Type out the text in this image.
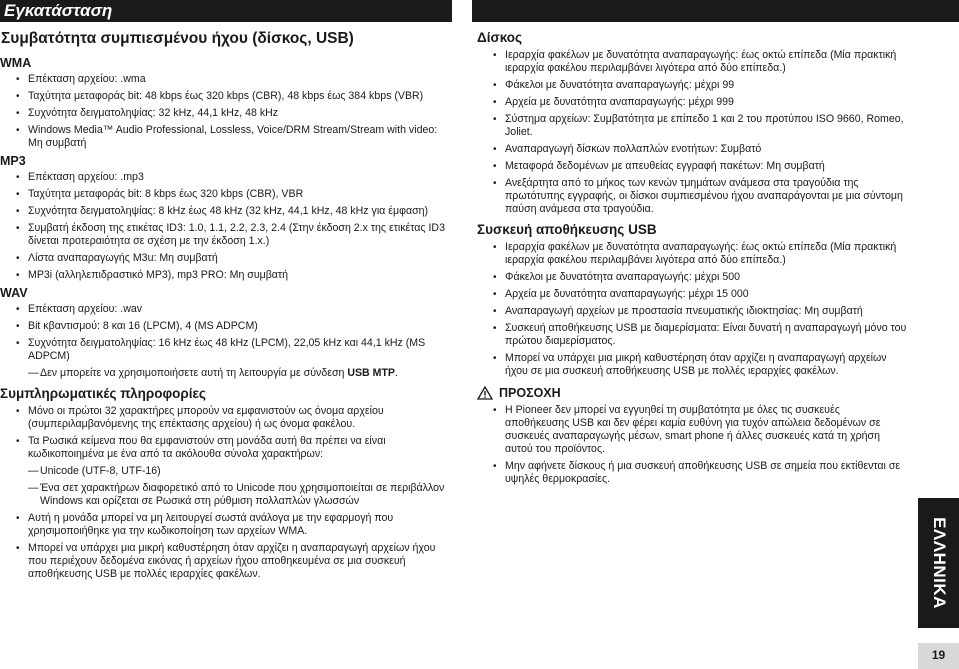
Εγκατάσταση
Συμβατότητα συμπιεσμένου ήχου (δίσκος, USB)
WMA
• Επέκταση αρχείου: .wma
• Ταχύτητα μεταφοράς bit: 48 kbps έως 320 kbps (CBR), 48 kbps έως 384 kbps (VBR)
• Συχνότητα δειγματοληψίας: 32 kHz, 44,1 kHz, 48 kHz
• Windows Media™ Audio Professional, Lossless, Voice/DRM Stream/Stream with video: Μη συμβατή
MP3
• Επέκταση αρχείου: .mp3
• Ταχύτητα μεταφοράς bit: 8 kbps έως 320 kbps (CBR), VBR
• Συχνότητα δειγματοληψίας: 8 kHz έως 48 kHz (32 kHz, 44,1 kHz, 48 kHz για έμφαση)
• Συμβατή έκδοση της ετικέτας ID3: 1.0, 1.1, 2.2, 2.3, 2.4 (Στην έκδοση 2.x της ετικέτας ID3 δίνεται προτεραιότητα σε σχέση με την έκδοση 1.x.)
• Λίστα αναπαραγωγής M3u: Μη συμβατή
• MP3i (αλληλεπιδραστικό MP3), mp3 PRO: Μη συμβατή
WAV
• Επέκταση αρχείου: .wav
• Bit κβαντισμού: 8 και 16 (LPCM), 4 (MS ADPCM)
• Συχνότητα δειγματοληψίας: 16 kHz έως 48 kHz (LPCM), 22,05 kHz και 44,1 kHz (MS ADPCM)
— Δεν μπορείτε να χρησιμοποιήσετε αυτή τη λειτουργία με σύνδεση USB MTP.
Συμπληρωματικές πληροφορίες
• Μόνο οι πρώτοι 32 χαρακτήρες μπορούν να εμφανιστούν ως όνομα αρχείου (συμπεριλαμβανόμενης της επέκτασης αρχείου) ή ως όνομα φακέλου.
• Τα Ρωσικά κείμενα που θα εμφανιστούν στη μονάδα αυτή θα πρέπει να είναι κωδικοποιημένα με ένα από τα ακόλουθα σύνολα χαρακτήρων:
— Unicode (UTF-8, UTF-16)
— Ένα σετ χαρακτήρων διαφορετικό από το Unicode που χρησιμοποιείται σε περιβάλλον Windows και ορίζεται σε Ρωσικά στη ρύθμιση πολλαπλών γλωσσών
• Αυτή η μονάδα μπορεί να μη λειτουργεί σωστά ανάλογα με την εφαρμογή που χρησιμοποιήθηκε για την κωδικοποίηση των αρχείων WMA.
• Μπορεί να υπάρχει μια μικρή καθυστέρηση όταν αρχίζει η αναπαραγωγή αρχείων ήχου που περιέχουν δεδομένα εικόνας ή αρχείων ήχου αποθηκευμένα σε μια συσκευή αποθήκευσης USB με πολλές ιεραρχίες φακέλων.
Δίσκος
• Ιεραρχία φακέλων με δυνατότητα αναπαραγωγής: έως οκτώ επίπεδα (Μία πρακτική ιεραρχία φακέλου περιλαμβάνει λιγότερα από δύο επίπεδα.)
• Φάκελοι με δυνατότητα αναπαραγωγής: μέχρι 99
• Αρχεία με δυνατότητα αναπαραγωγής: μέχρι 999
• Σύστημα αρχείων: Συμβατότητα με επίπεδο 1 και 2 του προτύπου ISO 9660, Romeo, Joliet.
• Αναπαραγωγή δίσκων πολλαπλών ενοτήτων: Συμβατό
• Μεταφορά δεδομένων με απευθείας εγγραφή πακέτων: Μη συμβατή
• Ανεξάρτητα από το μήκος των κενών τμημάτων ανάμεσα στα τραγούδια της πρωτότυπης εγγραφής, οι δίσκοι συμπιεσμένου ήχου αναπαράγονται με μια σύντομη παύση ανάμεσα στα τραγούδια.
Συσκευή αποθήκευσης USB
• Ιεραρχία φακέλων με δυνατότητα αναπαραγωγής: έως οκτώ επίπεδα (Μία πρακτική ιεραρχία φακέλου περιλαμβάνει λιγότερα από δύο επίπεδα.)
• Φάκελοι με δυνατότητα αναπαραγωγής: μέχρι 500
• Αρχεία με δυνατότητα αναπαραγωγής: μέχρι 15 000
• Αναπαραγωγή αρχείων με προστασία πνευματικής ιδιοκτησίας: Μη συμβατή
• Συσκευή αποθήκευσης USB με διαμερίσματα: Είναι δυνατή η αναπαραγωγή μόνο του πρώτου διαμερίσματος.
• Μπορεί να υπάρχει μια μικρή καθυστέρηση όταν αρχίζει η αναπαραγωγή αρχείων ήχου σε μια συσκευή αποθήκευσης USB με πολλές ιεραρχίες φακέλων.
ΠΡΟΣΟΧΗ
• Η Pioneer δεν μπορεί να εγγυηθεί τη συμβατότητα με όλες τις συσκευές αποθήκευσης USB και δεν φέρει καμία ευθύνη για τυχόν απώλεια δεδομένων σε συσκευές αναπαραγωγής μέσων, smart phone ή άλλες συσκευές κατά τη χρήση αυτού του προϊόντος.
• Μην αφήνετε δίσκους ή μια συσκευή αποθήκευσης USB σε σημεία που εκτίθενται σε υψηλές θερμοκρασίες.
ΕΛΛΗΝΙΚΑ
19
